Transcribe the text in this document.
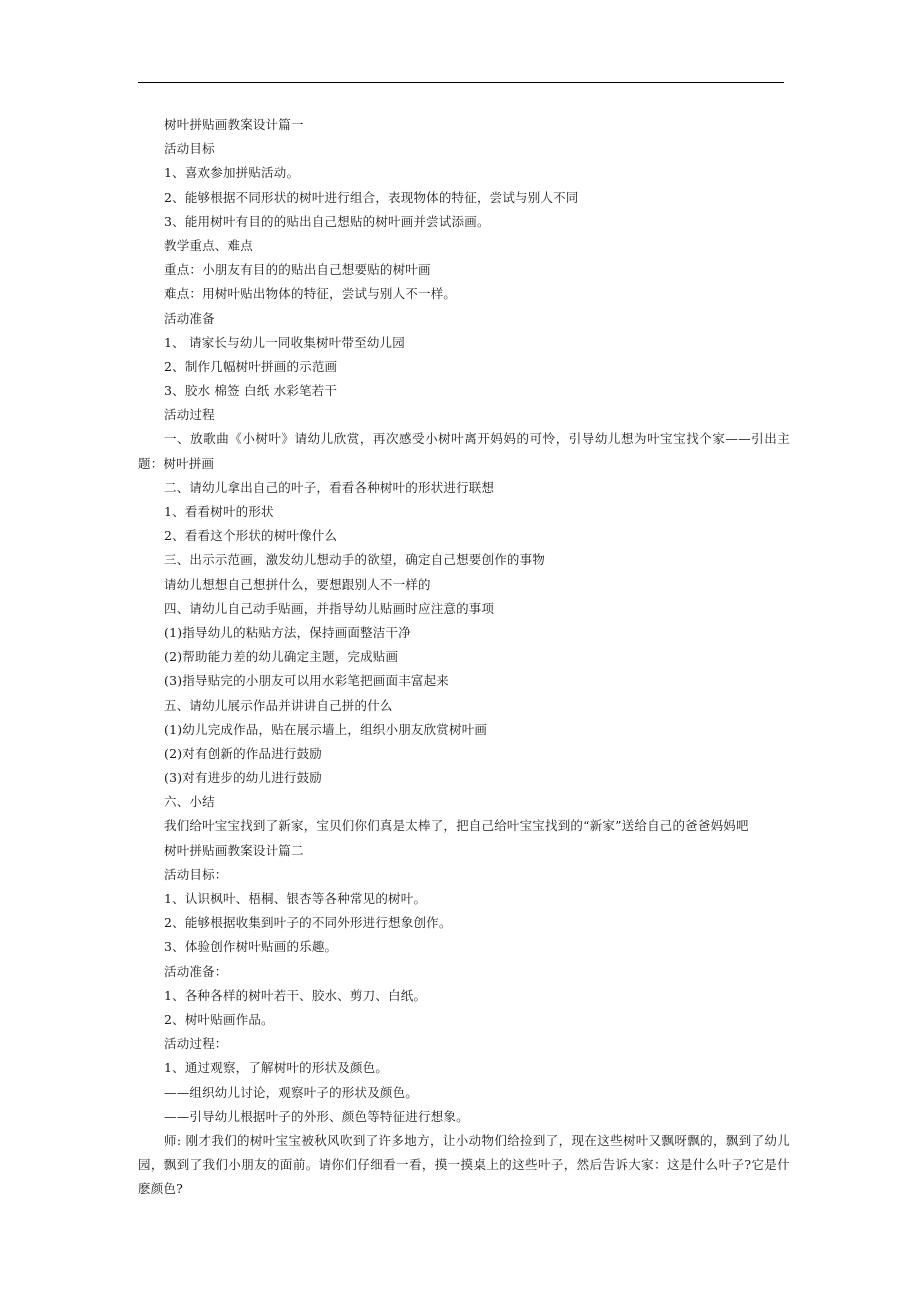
树叶拼贴画教案设计篇一
活动目标
1、喜欢参加拼贴活动。
2、能够根据不同形状的树叶进行组合，表现物体的特征，尝试与别人不同
3、能用树叶有目的的贴出自己想贴的树叶画并尝试添画。
教学重点、难点
重点：小朋友有目的的贴出自己想要贴的树叶画
难点：用树叶贴出物体的特征，尝试与别人不一样。
活动准备
1、 请家长与幼儿一同收集树叶带至幼儿园
2、制作几幅树叶拼画的示范画
3、胶水 棉签 白纸 水彩笔若干
活动过程
一、放歌曲《小树叶》请幼儿欣赏，再次感受小树叶离开妈妈的可怜，引导幼儿想为叶宝宝找个家——引出主题：树叶拼画
二、请幼儿拿出自己的叶子，看看各种树叶的形状进行联想
1、看看树叶的形状
2、看看这个形状的树叶像什么
三、出示示范画，激发幼儿想动手的欲望，确定自己想要创作的事物
请幼儿想想自己想拼什么，要想跟别人不一样的
四、请幼儿自己动手贴画，并指导幼儿贴画时应注意的事项
(1)指导幼儿的粘贴方法，保持画面整洁干净
(2)帮助能力差的幼儿确定主题，完成贴画
(3)指导贴完的小朋友可以用水彩笔把画面丰富起来
五、请幼儿展示作品并讲讲自己拼的什么
(1)幼儿完成作品，贴在展示墙上，组织小朋友欣赏树叶画
(2)对有创新的作品进行鼓励
(3)对有进步的幼儿进行鼓励
六、小结
我们给叶宝宝找到了新家，宝贝们你们真是太棒了，把自己给叶宝宝找到的“新家”送给自己的爸爸妈妈吧
树叶拼贴画教案设计篇二
活动目标：
1、认识枫叶、梧桐、银杏等各种常见的树叶。
2、能够根据收集到叶子的不同外形进行想象创作。
3、体验创作树叶贴画的乐趣。
活动准备：
1、各种各样的树叶若干、胶水、剪刀、白纸。
2、树叶贴画作品。
活动过程：
1、通过观察，了解树叶的形状及颜色。
——组织幼儿讨论，观察叶子的形状及颜色。
——引导幼儿根据叶子的外形、颜色等特征进行想象。
师: 刚才我们的树叶宝宝被秋风吹到了许多地方，让小动物们给捡到了，现在这些树叶又飘呀飘的，飘到了幼儿园，飘到了我们小朋友的面前。请你们仔细看一看，摸一摸桌上的这些叶子，然后告诉大家：这是什么叶子?它是什麽颜色?
